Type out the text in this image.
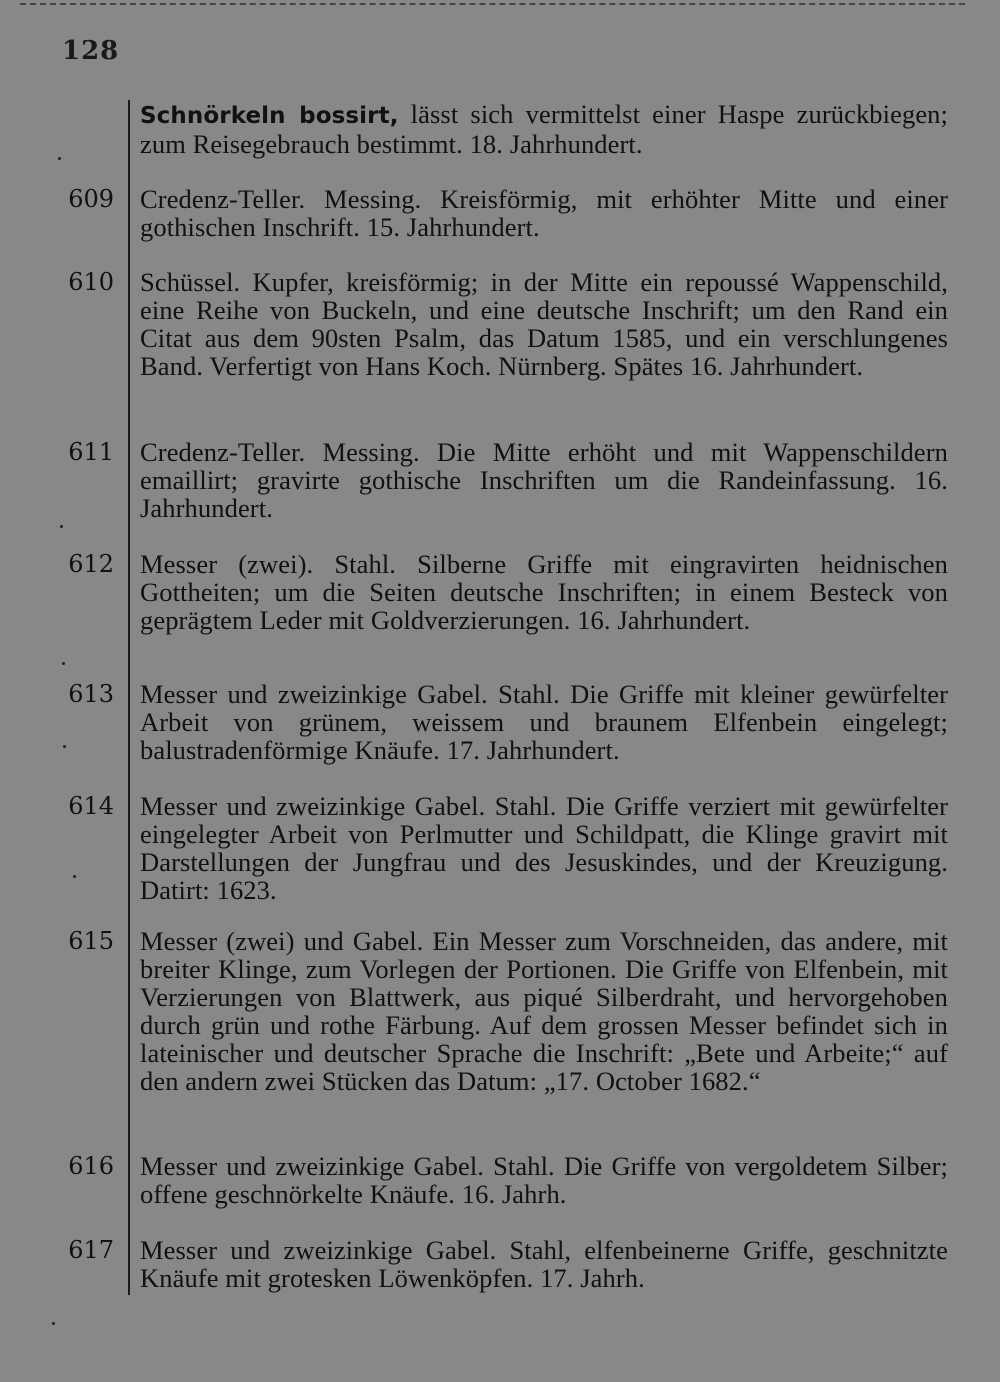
128
Schnörkeln bossirt, lässt sich vermittelst einer Haspe zurückbiegen; zum Reisegebrauch bestimmt. 18. Jahrhundert.
609 Credenz-Teller. Messing. Kreisförmig, mit erhöhter Mitte und einer gothischen Inschrift. 15. Jahrhundert.
610 Schüssel. Kupfer, kreisförmig; in der Mitte ein repoussé Wappenschild, eine Reihe von Buckeln, und eine deutsche Inschrift; um den Rand ein Citat aus dem 90sten Psalm, das Datum 1585, und ein verschlungenes Band. Verfertigt von Hans Koch. Nürnberg. Spätes 16. Jahrhundert.
611 Credenz-Teller. Messing. Die Mitte erhöht und mit Wappenschildern emaillirt; gravirte gothische Inschriften um die Randeinfassung. 16. Jahrhundert.
612 Messer (zwei). Stahl. Silberne Griffe mit eingravirten heidnischen Gottheiten; um die Seiten deutsche Inschriften; in einem Besteck von geprägtem Leder mit Goldverzierungen. 16. Jahrhundert.
613 Messer und zweizinkige Gabel. Stahl. Die Griffe mit kleiner gewürfelter Arbeit von grünem, weissem und braunem Elfenbein eingelegt; balustradenförmige Knäufe. 17. Jahrhundert.
614 Messer und zweizinkige Gabel. Stahl. Die Griffe verziert mit gewürfelter eingelegter Arbeit von Perlmutter und Schildpatt, die Klinge gravirt mit Darstellungen der Jungfrau und des Jesuskindes, und der Kreuzigung. Datirt: 1623.
615 Messer (zwei) und Gabel. Ein Messer zum Vorschneiden, das andere, mit breiter Klinge, zum Vorlegen der Portionen. Die Griffe von Elfenbein, mit Verzierungen von Blattwerk, aus piqué Silberdraht, und hervorgehoben durch grün und rothe Färbung. Auf dem grossen Messer befindet sich in lateinischer und deutscher Sprache die Inschrift: „Bete und Arbeite;“ auf den andern zwei Stücken das Datum: „17. October 1682.“
616 Messer und zweizinkige Gabel. Stahl. Die Griffe von vergoldetem Silber; offene geschnörkelte Knäufe. 16. Jahrh.
617 Messer und zweizinkige Gabel. Stahl, elfenbeinerne Griffe, geschnitzte Knäufe mit grotesken Löwenköpfen. 17. Jahrh.
